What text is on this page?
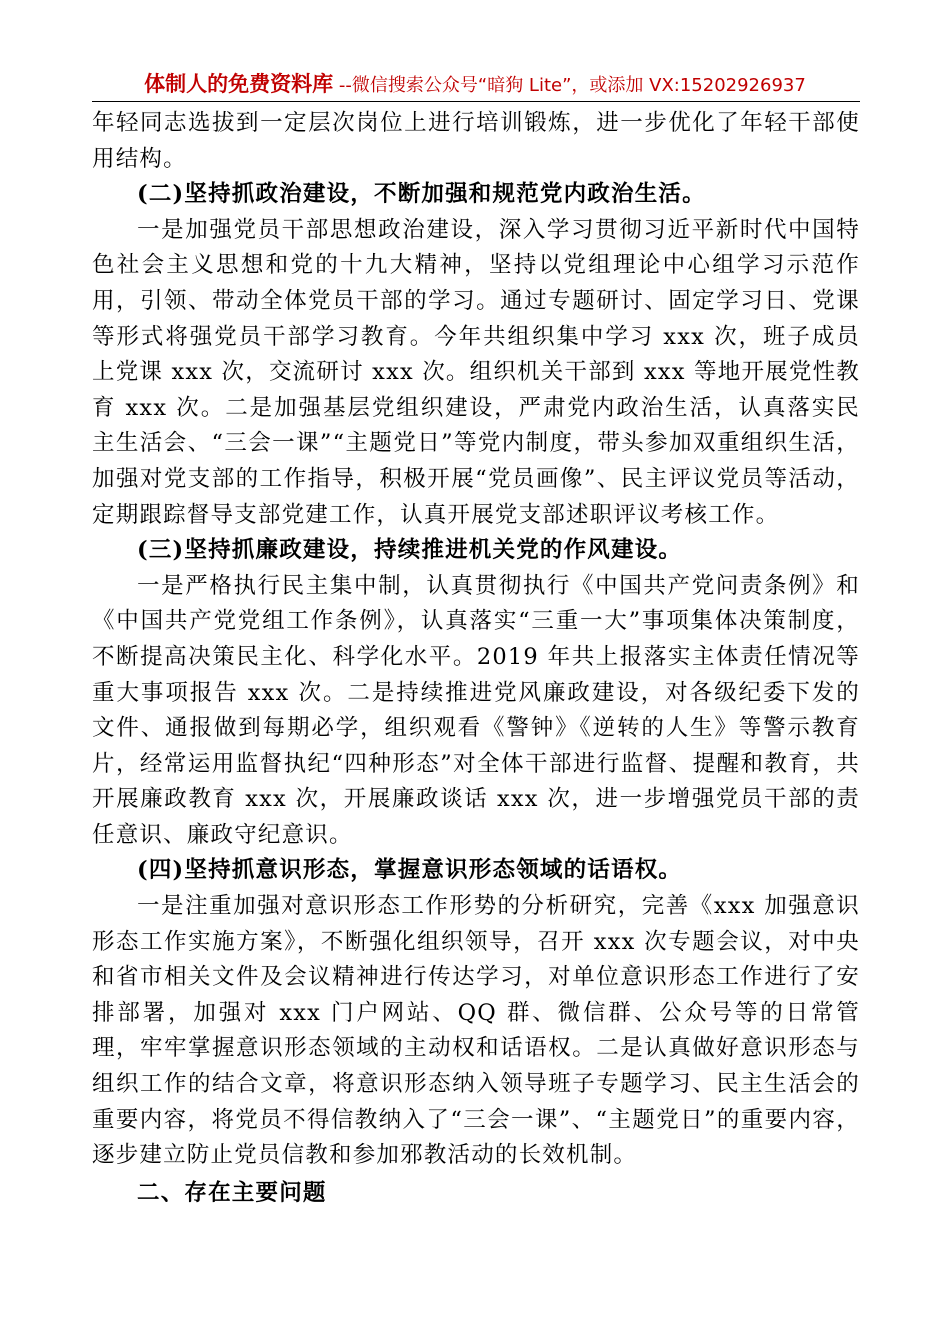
体制人的免费资料库 --微信搜索公众号“暗狗 Lite”，或添加 VX:15202926937

年轻同志选拔到一定层次岗位上进行培训锻炼，进一步优化了年轻干部使用结构。

(二)坚持抓政治建设，不断加强和规范党内政治生活。

一是加强党员干部思想政治建设，深入学习贯彻习近平新时代中国特色社会主义思想和党的十九大精神，坚持以党组理论中心组学习示范作用，引领、带动全体党员干部的学习。通过专题研讨、固定学习日、党课等形式将强党员干部学习教育。今年共组织集中学习 xxx 次，班子成员上党课 xxx 次，交流研讨 xxx 次。组织机关干部到 xxx 等地开展党性教育 xxx 次。二是加强基层党组织建设，严肃党内政治生活，认真落实民主生活会、“三会一课”“主题党日”等党内制度，带头参加双重组织生活，加强对党支部的工作指导，积极开展“党员画像”、民主评议党员等活动，定期跟踪督导支部党建工作，认真开展党支部述职评议考核工作。

(三)坚持抓廉政建设，持续推进机关党的作风建设。

一是严格执行民主集中制，认真贯彻执行《中国共产党问责条例》和《中国共产党党组工作条例》，认真落实“三重一大”事项集体决策制度，不断提高决策民主化、科学化水平。2019 年共上报落实主体责任情况等重大事项报告 xxx 次。二是持续推进党风廉政建设，对各级纪委下发的文件、通报做到每期必学，组织观看《警钟》《逆转的人生》等警示教育片，经常运用监督执纪“四种形态”对全体干部进行监督、提醒和教育，共开展廉政教育 xxx 次，开展廉政谈话 xxx 次，进一步增强党员干部的责任意识、廉政守纪意识。

(四)坚持抓意识形态，掌握意识形态领域的话语权。

一是注重加强对意识形态工作形势的分析研究，完善《xxx 加强意识形态工作实施方案》，不断强化组织领导，召开 xxx 次专题会议，对中央和省市相关文件及会议精神进行传达学习，对单位意识形态工作进行了安排部署，加强对 xxx 门户网站、QQ 群、微信群、公众号等的日常管理，牢牢掌握意识形态领域的主动权和话语权。二是认真做好意识形态与组织工作的结合文章，将意识形态纳入领导班子专题学习、民主生活会的重要内容，将党员不得信教纳入了“三会一课”、“主题党日”的重要内容，逐步建立防止党员信教和参加邪教活动的长效机制。

二、存在主要问题
